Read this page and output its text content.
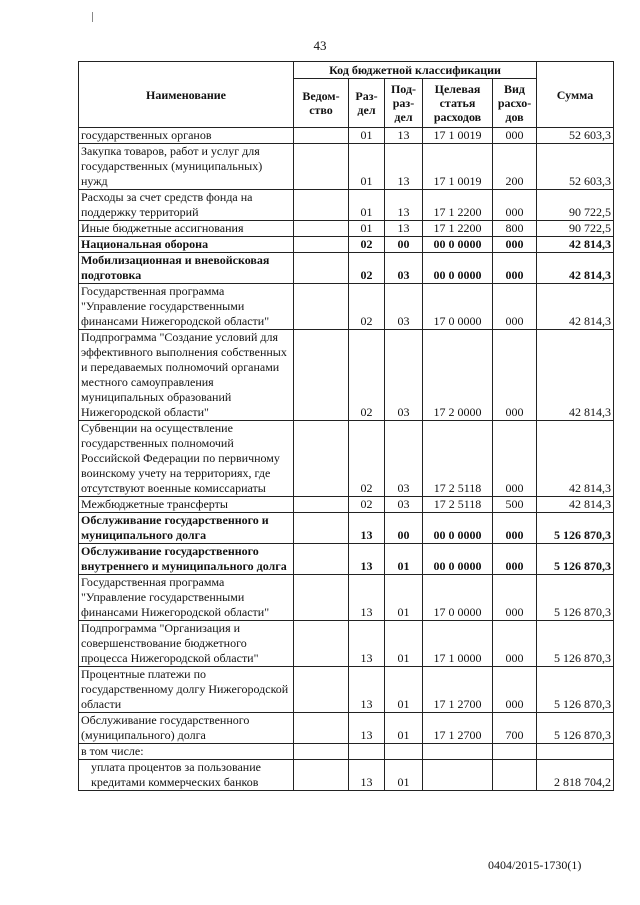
43
Наименование	Код бюджетной классификации					Сумма
	Ведом-ство	Раз-дел	Под-раз-дел	Целевая статья расходов	Вид расхо-дов	
государственных органов		01	13	17 1 0019	000	52 603,3
Закупка товаров, работ и услуг для государственных (муниципальных) нужд		01	13	17 1 0019	200	52 603,3
Расходы за счет средств фонда на поддержку территорий		01	13	17 1 2200	000	90 722,5
Иные бюджетные ассигнования		01	13	17 1 2200	800	90 722,5
Национальная оборона		02	00	00 0 0000	000	42 814,3
Мобилизационная и вневойсковая подготовка		02	03	00 0 0000	000	42 814,3
Государственная программа "Управление государственными финансами Нижегородской области"		02	03	17 0 0000	000	42 814,3
Подпрограмма "Создание условий для эффективного выполнения собственных и передаваемых полномочий органами местного самоуправления муниципальных образований Нижегородской области"		02	03	17 2 0000	000	42 814,3
Субвенции на осуществление государственных полномочий Российской Федерации по первичному воинскому учету на территориях, где отсутствуют военные комиссариаты		02	03	17 2 5118	000	42 814,3
Межбюджетные трансферты		02	03	17 2 5118	500	42 814,3
Обслуживание государственного и муниципального долга		13	00	00 0 0000	000	5 126 870,3
Обслуживание государственного внутреннего и муниципального долга		13	01	00 0 0000	000	5 126 870,3
Государственная программа "Управление государственными финансами Нижегородской области"		13	01	17 0 0000	000	5 126 870,3
Подпрограмма "Организация и совершенствование бюджетного процесса Нижегородской области"		13	01	17 1 0000	000	5 126 870,3
Процентные платежи по государственному долгу Нижегородской области		13	01	17 1 2700	000	5 126 870,3
Обслуживание государственного (муниципального) долга		13	01	17 1 2700	700	5 126 870,3
в том числе:						
уплата процентов за пользование кредитами коммерческих банков		13	01			2 818 704,2
0404/2015-1730(1)
